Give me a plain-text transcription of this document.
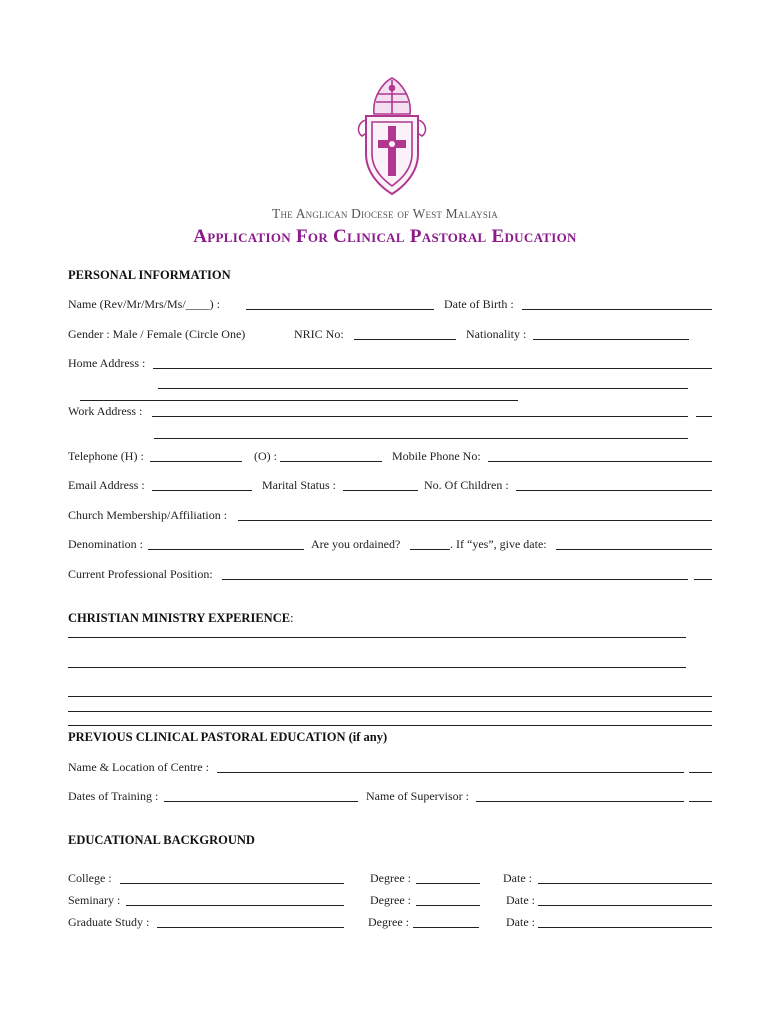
The Anglican Diocese of West Malaysia
Application For Clinical Pastoral Education
PERSONAL INFORMATION
Name (Rev/Mr/Mrs/Ms/____) :	Date of Birth :
Gender : Male / Female (Circle One)	NRIC No:	Nationality :
Home Address :
Work Address :
Telephone (H) :	(O) :	Mobile Phone No:
Email Address :	Marital Status :	No. Of Children :
Church Membership/Affiliation :
Denomination :	Are you ordained?	. If “yes”, give date:
Current Professional Position:
CHRISTIAN MINISTRY EXPERIENCE:
PREVIOUS CLINICAL PASTORAL EDUCATION (if any)
Name & Location of Centre :
Dates of Training :	Name of Supervisor :
EDUCATIONAL BACKGROUND
College :	Degree :	Date :
Seminary :	Degree :	Date :
Graduate Study :	Degree :	Date :
